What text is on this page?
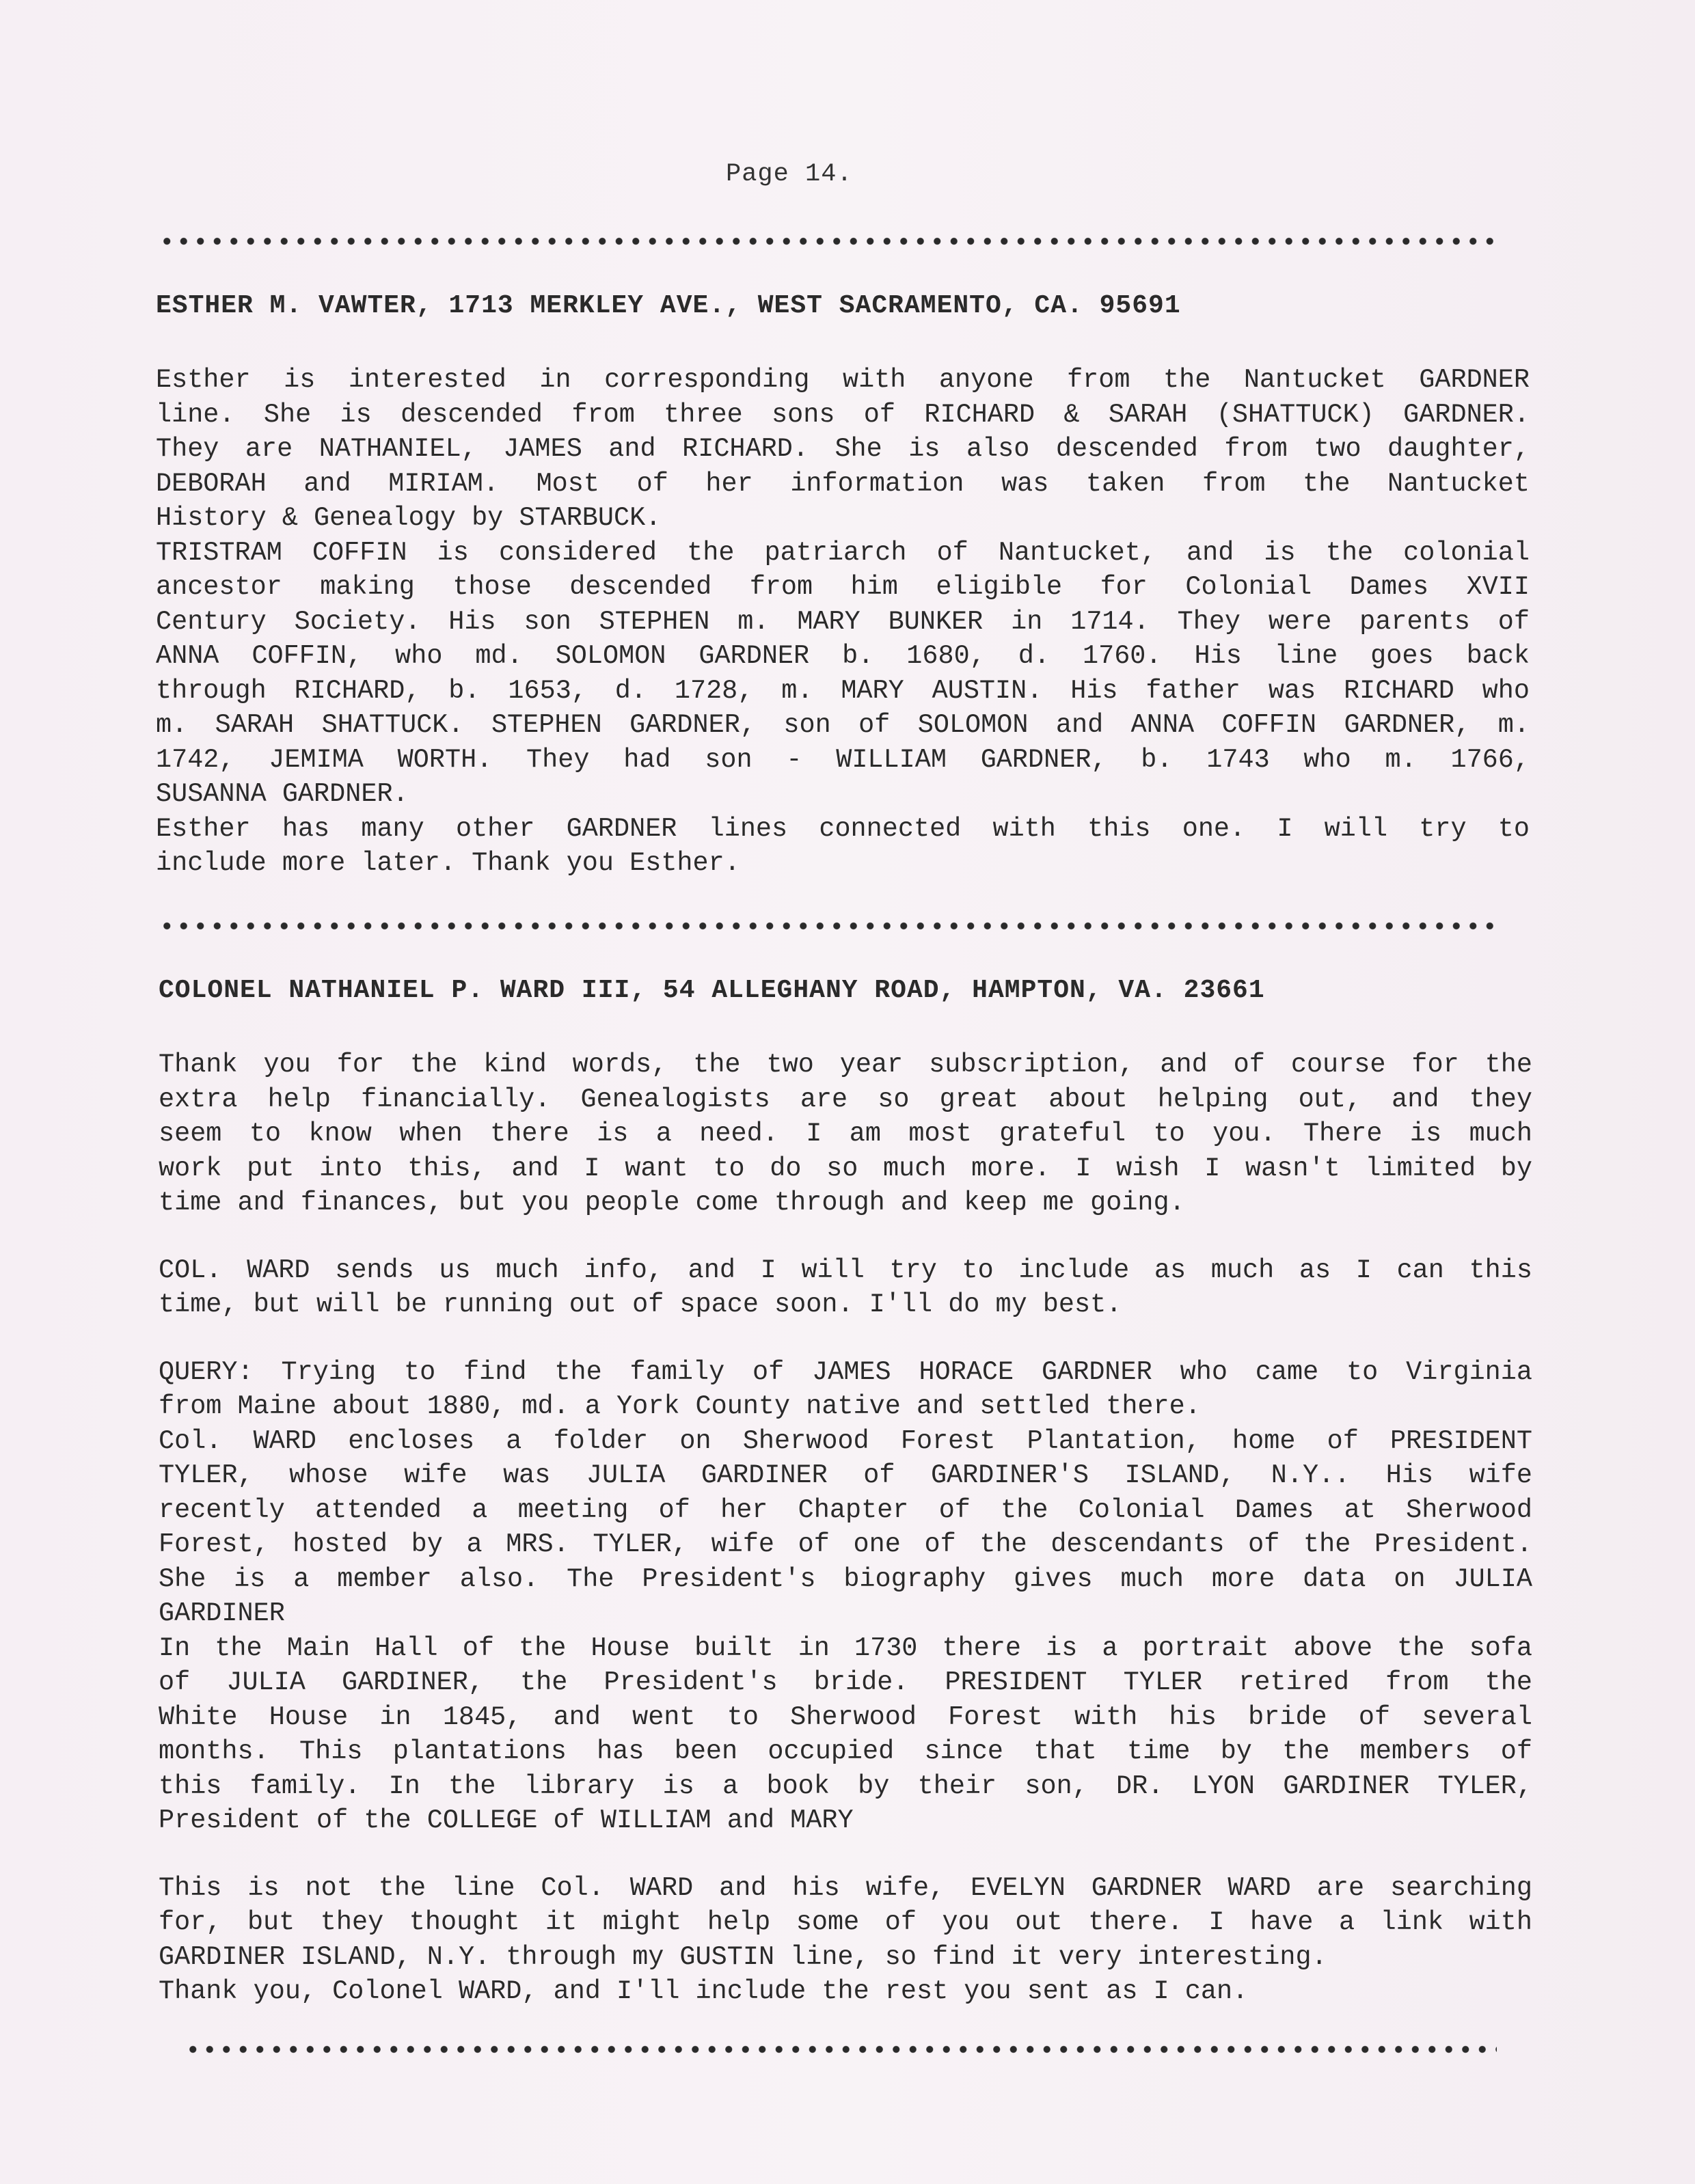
Page 14.
ESTHER M. VAWTER, 1713 MERKLEY AVE., WEST SACRAMENTO, CA. 95691
Esther is interested in corresponding with anyone from the Nantucket GARDNER
line. She is descended from three sons of RICHARD & SARAH (SHATTUCK) GARDNER.
They are NATHANIEL, JAMES and RICHARD. She is also descended from two daughter,
DEBORAH and MIRIAM. Most of her information was taken from the Nantucket
History & Genealogy by STARBUCK.
TRISTRAM COFFIN is considered the patriarch of Nantucket, and is the colonial
ancestor making those descended from him eligible for Colonial Dames XVII
Century Society. His son STEPHEN m. MARY BUNKER in 1714. They were parents of
ANNA COFFIN, who md. SOLOMON GARDNER b. 1680, d. 1760. His line goes back
through RICHARD, b. 1653, d. 1728, m. MARY AUSTIN. His father was RICHARD who
m. SARAH SHATTUCK. STEPHEN GARDNER, son of SOLOMON and ANNA COFFIN GARDNER, m.
1742, JEMIMA WORTH. They had son - WILLIAM GARDNER, b. 1743 who m. 1766,
SUSANNA GARDNER.
Esther has many other GARDNER lines connected with this one. I will try to
include more later. Thank you Esther.
COLONEL NATHANIEL P. WARD III, 54 ALLEGHANY ROAD, HAMPTON, VA. 23661
Thank you for the kind words, the two year subscription, and of course for the
extra help financially. Genealogists are so great about helping out, and they
seem to know when there is a need. I am most grateful to you. There is much
work put into this, and I want to do so much more. I wish I wasn't limited by
time and finances, but you people come through and keep me going.
COL. WARD sends us much info, and I will try to include as much as I can this
time, but will be running out of space soon. I'll do my best.
QUERY: Trying to find the family of JAMES HORACE GARDNER who came to Virginia
from Maine about 1880, md. a York County native and settled there.
Col. WARD encloses a folder on Sherwood Forest Plantation, home of PRESIDENT
TYLER, whose wife was JULIA GARDINER of GARDINER'S ISLAND, N.Y.. His wife
recently attended a meeting of her Chapter of the Colonial Dames at Sherwood
Forest, hosted by a MRS. TYLER, wife of one of the descendants of the President.
She is a member also. The President's biography gives much more data on JULIA
GARDINER
In the Main Hall of the House built in 1730 there is a portrait above the sofa
of JULIA GARDINER, the President's bride. PRESIDENT TYLER retired from the
White House in 1845, and went to Sherwood Forest with his bride of several
months. This plantations has been occupied since that time by the members of
this family. In the library is a book by their son, DR. LYON GARDINER TYLER,
President of the COLLEGE of WILLIAM and MARY
This is not the line Col. WARD and his wife, EVELYN GARDNER WARD are searching
for, but they thought it might help some of you out there. I have a link with
GARDINER ISLAND, N.Y. through my GUSTIN line, so find it very interesting.
Thank you, Colonel WARD, and I'll include the rest you sent as I can.
